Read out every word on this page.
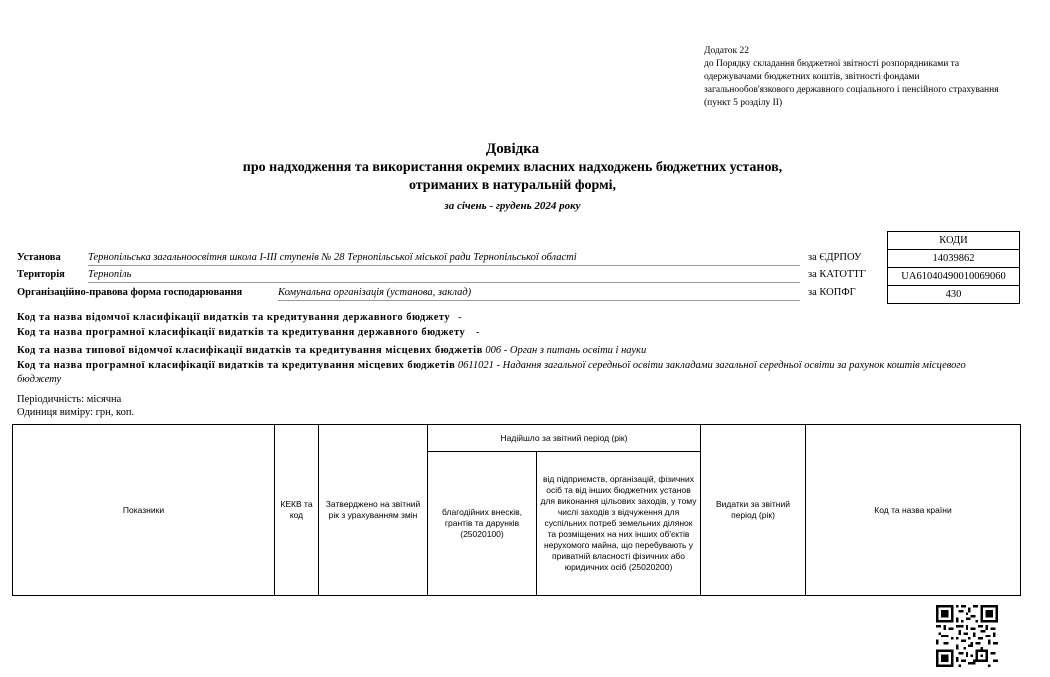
Додаток 22
до Порядку складання бюджетної звітності розпорядниками та одержувачами бюджетних коштів, звітності фондами загальнообов'язкового державного соціального і пенсійного страхування
(пункт 5 розділу ІІ)
Довідка
про надходження та використання окремих власних надходжень бюджетних установ,
отриманих в натуральній формі,
за січень - грудень 2024 року
КОДИ
14039862
UA61040490010069060
430
Установа	Тернопільська загальноосвітня школа І-ІІІ ступенів № 28 Тернопільської міської ради Тернопільської області	за ЄДРПОУ
Територія Тернопіль	за КАТОТТГ
Організаційно-правова форма господарювання	Комунальна організація (установа, заклад)	за КОПФГ
Код та назва відомчої класифікації видатків та кредитування державного бюджету -
Код та назва програмної класифікації видатків та кредитування державного бюджету -
Код та назва типової відомчої класифікації видатків та кредитування місцевих бюджетів 006 - Орган з питань освіти і науки
Код та назва програмної класифікації видатків та кредитування місцевих бюджетів 0611021 - Надання загальної середньої освіти закладами загальної середньої освіти за рахунок коштів місцевого бюджету
Періодичність: місячна
Одиниця виміру: грн, коп.
Показники	КЕКВ та код	Затверджено на звітний рік з урахуванням змін	Надійшло за звітний період (рік)		Видатки за звітний період (рік)	Код та назва країни
			благодійних внесків, грантів та дарунків (25020100)	від підприємств, організацій, фізичних осіб та від інших бюджетних установ для виконання цільових заходів, у тому числі заходів з відчуження для суспільних потреб земельних ділянок та розміщених на них інших об'єктів нерухомого майна, що перебувають у приватній власності фізичних або юридичних осіб (25020200)		
